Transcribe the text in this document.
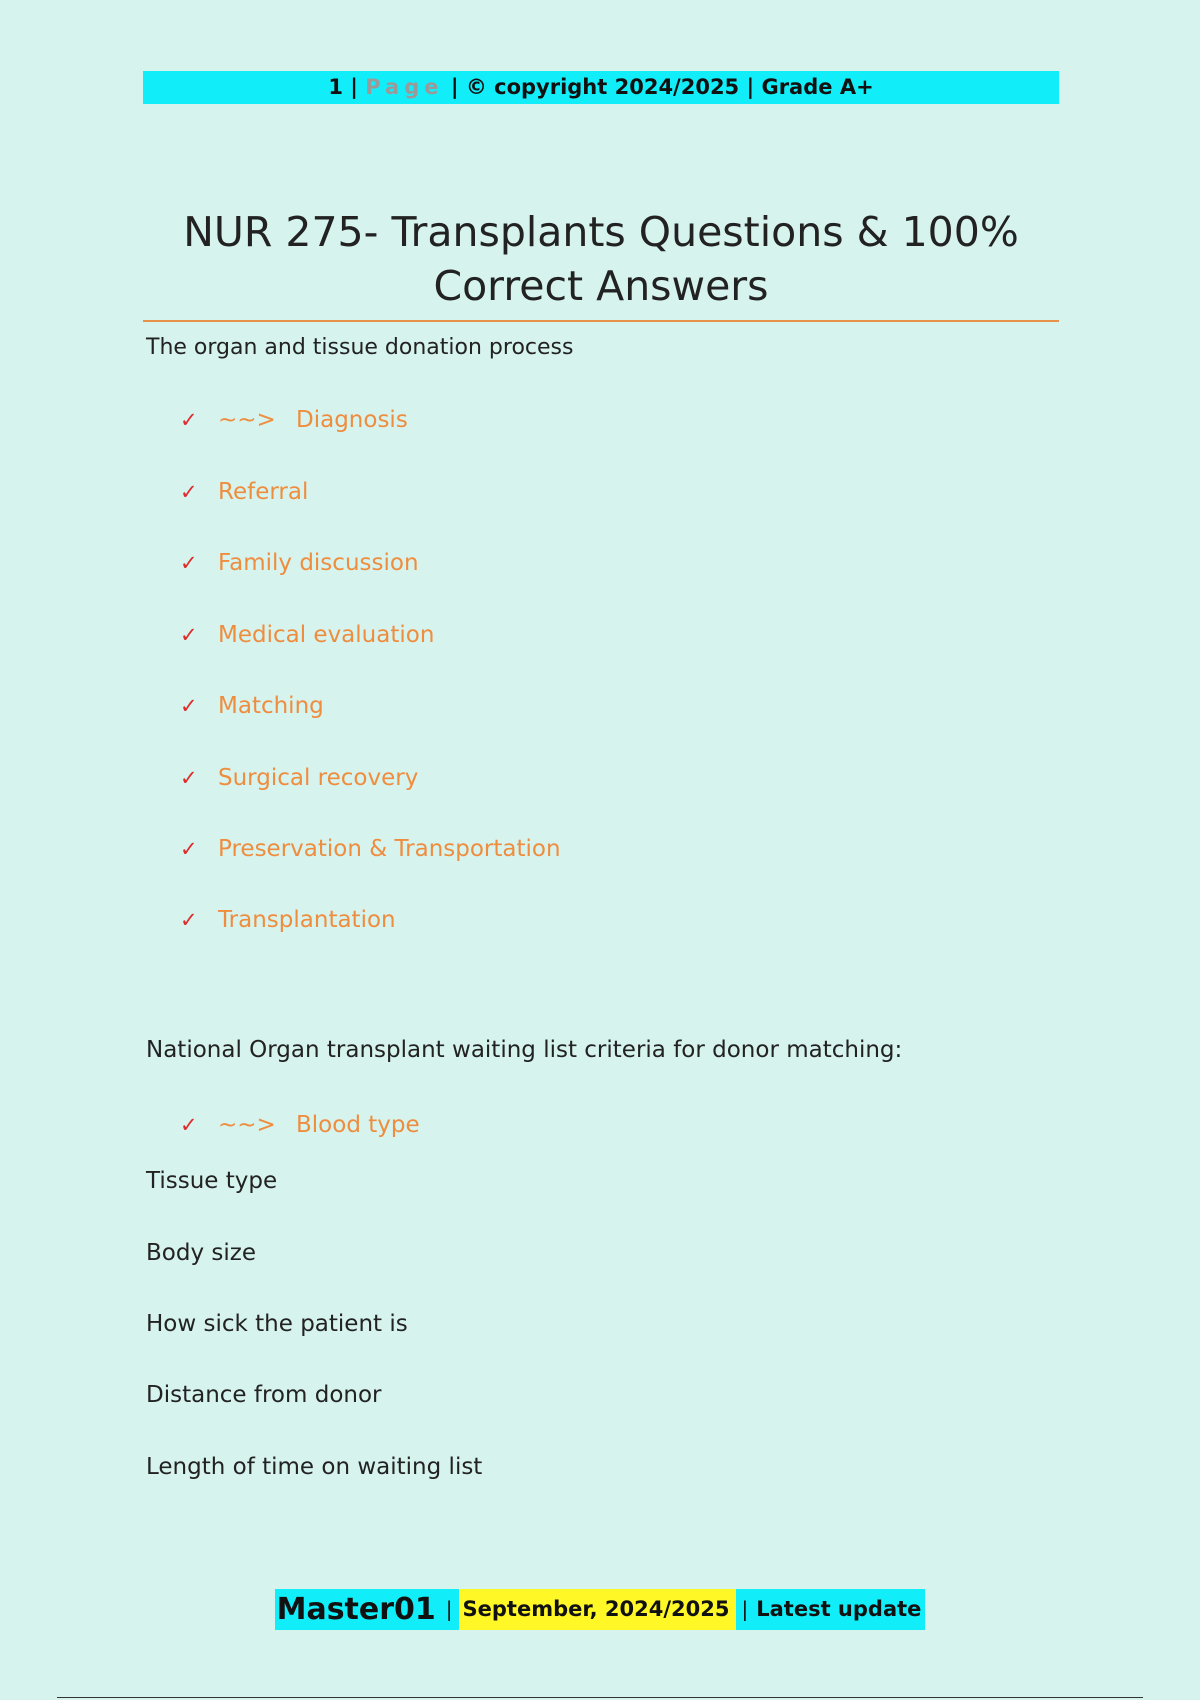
1 | Page | © copyright 2024/2025 | Grade A+
NUR 275- Transplants Questions & 100% Correct Answers
The organ and tissue donation process
✓ ~~> Diagnosis
✓ Referral
✓ Family discussion
✓ Medical evaluation
✓ Matching
✓ Surgical recovery
✓ Preservation & Transportation
✓ Transplantation
National Organ transplant waiting list criteria for donor matching:
✓ ~~> Blood type
Tissue type
Body size
How sick the patient is
Distance from donor
Length of time on waiting list
Master01 | September, 2024/2025 | Latest update
